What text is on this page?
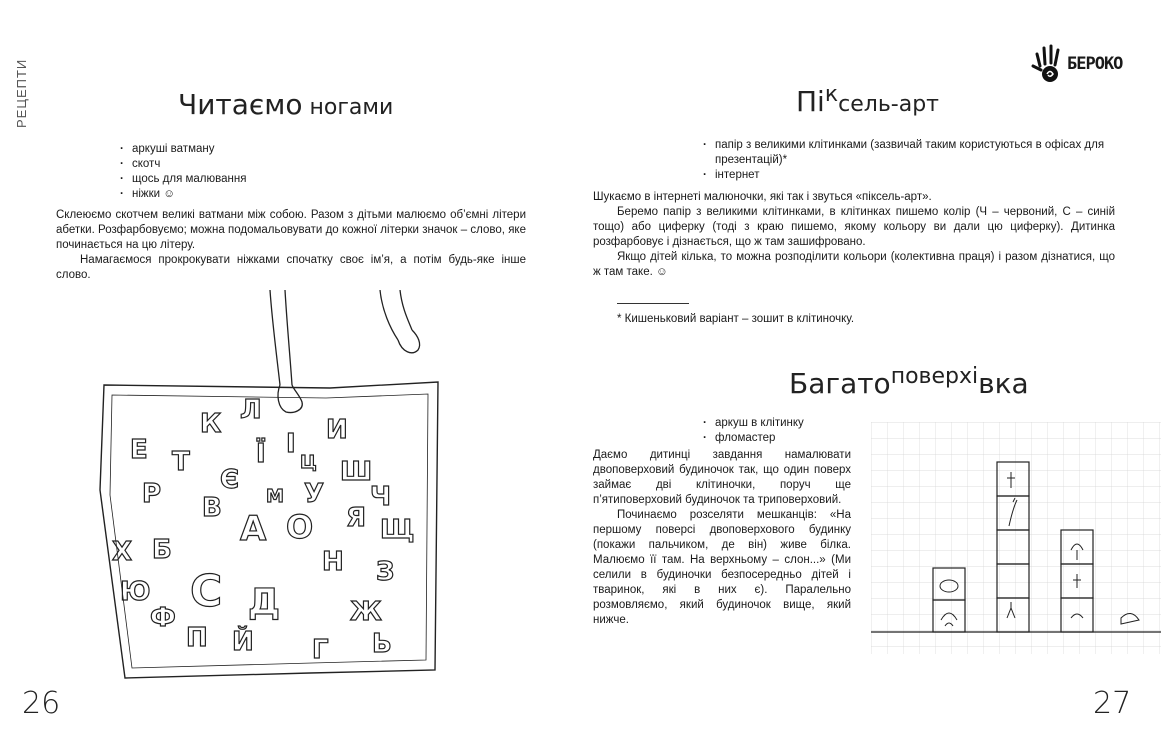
РЕЦЕПТИ	Читаємо ногами
· аркуші ватману
· скотч
· щось для малювання
· ніжки ☺

Склеюємо скотчем великі ватмани між собою. Разом з дітьми малюємо об’ємні літери абетки. Розфарбовуємо; можна подомальовувати до кожної літерки значок – слово, яке починається на цю літеру.

Намагаємося прокрокувати ніжками спочатку своє ім’я, а потім будь-яке інше слово.

К Л
И
Ї І
Е Т
Р
Б
Х
Ф
С Д
Й
Ж
Г
З
Н
А О
У
В
Є	Ш
Ч
Щ
Ц
Я
М
П	Ь
Ю
26
БЕРОКО
Піксель-арт
· папір з великими клітинками (зазвичай таким користуються в офісах для презентацій)*
· інтернет

Шукаємо в інтернеті малюночки, які так і звуться «піксель-арт».

Беремо папір з великими клітинками, в клітинках пишемо колір (Ч – червоний, С – синій тощо) або циферку (тоді з краю пишемо, якому кольору ви дали цю циферку). Дитинка розфарбовує і дізнається, що ж там зашифровано.

Якщо дітей кілька, то можна розподілити кольори (колективна праця) і разом дізнатися, що ж там таке. ☺

* Кишеньковий варіант – зошит в клітиночку.
Багатоповерхівка
· аркуш в клітинку
· фломастер

Даємо дитинці завдання намалювати двоповерховий будиночок так, що один поверх займає дві клітиночки, поруч ще п’ятиповерховий будиночок та триповерховий.

Починаємо розселяти мешканців: «На першому поверсі двоповерхового будинку (покажи пальчиком, де він) живе білка. Малюємо її там. На верхньому – слон...» (Ми селили в будиночки безпосередньо дітей і тваринок, які в них є). Паралельно розмовляємо, який будиночок вище, який нижче.

27
